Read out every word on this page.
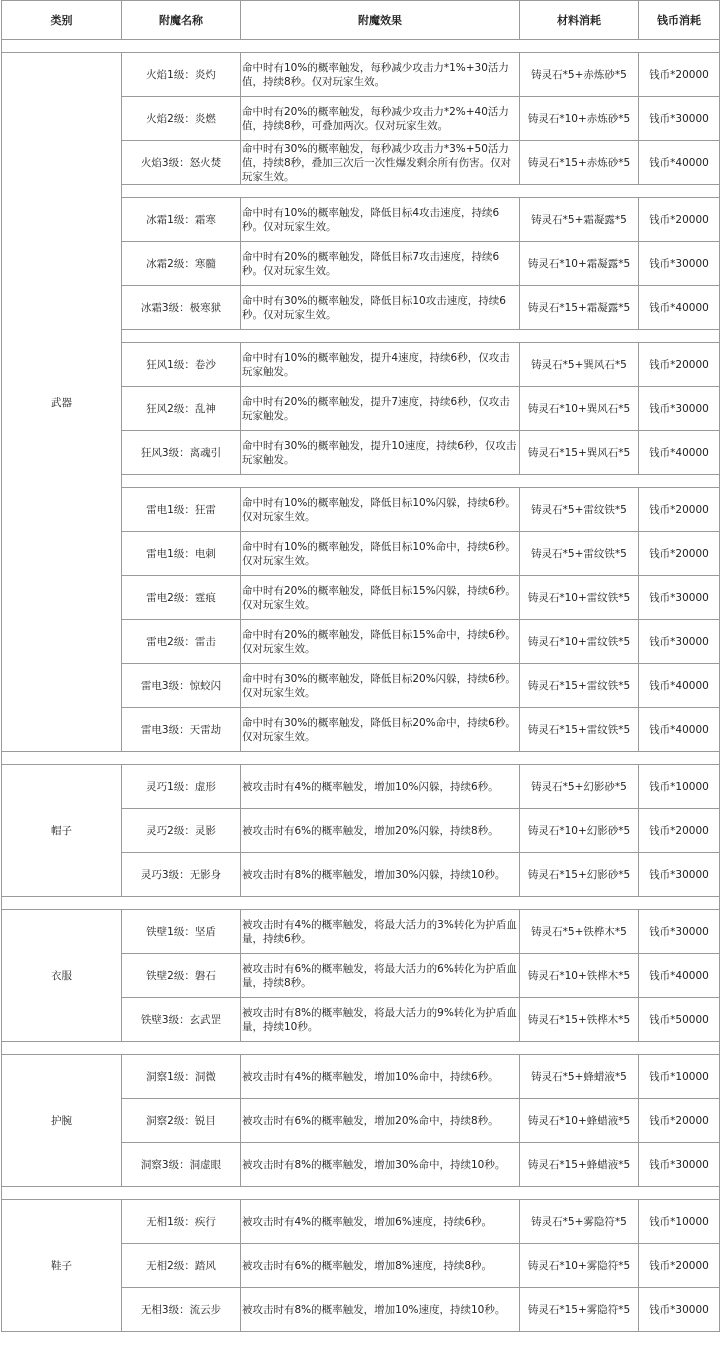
类别	附魔名称	附魔效果	材料消耗	钱币消耗

武器	火焰1级：炎灼	命中时有10%的概率触发，每秒减少攻击力*1%+30活力值，持续8秒。仅对玩家生效。	铸灵石*5+赤炼砂*5	钱币*20000
	火焰2级：炎燃	命中时有20%的概率触发，每秒减少攻击力*2%+40活力值，持续8秒，可叠加两次。仅对玩家生效。	铸灵石*10+赤炼砂*5	钱币*30000
	火焰3级：怒火焚	命中时有30%的概率触发，每秒减少攻击力*3%+50活力值，持续8秒，叠加三次后一次性爆发剩余所有伤害。仅对玩家生效。	铸灵石*15+赤炼砂*5	钱币*40000

	冰霜1级：霜寒	命中时有10%的概率触发，降低目标4攻击速度，持续6秒。仅对玩家生效。	铸灵石*5+霜凝露*5	钱币*20000
	冰霜2级：寒髓	命中时有20%的概率触发，降低目标7攻击速度，持续6秒。仅对玩家生效。	铸灵石*10+霜凝露*5	钱币*30000
	冰霜3级：极寒狱	命中时有30%的概率触发，降低目标10攻击速度，持续6秒。仅对玩家生效。	铸灵石*15+霜凝露*5	钱币*40000

	狂风1级：卷沙	命中时有10%的概率触发，提升4速度，持续6秒，仅攻击玩家触发。	铸灵石*5+巽风石*5	钱币*20000
	狂风2级：乱神	命中时有20%的概率触发，提升7速度，持续6秒，仅攻击玩家触发。	铸灵石*10+巽风石*5	钱币*30000
	狂风3级：离魂引	命中时有30%的概率触发，提升10速度，持续6秒，仅攻击玩家触发。	铸灵石*15+巽风石*5	钱币*40000

	雷电1级：狂雷	命中时有10%的概率触发，降低目标10%闪躲，持续6秒。仅对玩家生效。	铸灵石*5+雷纹铁*5	钱币*20000
	雷电1级：电刺	命中时有10%的概率触发，降低目标10%命中，持续6秒。仅对玩家生效。	铸灵石*5+雷纹铁*5	钱币*20000
	雷电2级：霆痕	命中时有20%的概率触发，降低目标15%闪躲，持续6秒。仅对玩家生效。	铸灵石*10+雷纹铁*5	钱币*30000
	雷电2级：雷击	命中时有20%的概率触发，降低目标15%命中，持续6秒。仅对玩家生效。	铸灵石*10+雷纹铁*5	钱币*30000
	雷电3级：惊蛟闪	命中时有30%的概率触发，降低目标20%闪躲，持续6秒。仅对玩家生效。	铸灵石*15+雷纹铁*5	钱币*40000
	雷电3级：天雷劫	命中时有30%的概率触发，降低目标20%命中，持续6秒。仅对玩家生效。	铸灵石*15+雷纹铁*5	钱币*40000

帽子	灵巧1级：虚形	被攻击时有4%的概率触发，增加10%闪躲，持续6秒。	铸灵石*5+幻影砂*5	钱币*10000
	灵巧2级：灵影	被攻击时有6%的概率触发，增加20%闪躲，持续8秒。	铸灵石*10+幻影砂*5	钱币*20000
	灵巧3级：无影身	被攻击时有8%的概率触发，增加30%闪躲，持续10秒。	铸灵石*15+幻影砂*5	钱币*30000

衣服	铁壁1级：坚盾	被攻击时有4%的概率触发，将最大活力的3%转化为护盾血量，持续6秒。	铸灵石*5+铁桦木*5	钱币*30000
	铁壁2级：磐石	被攻击时有6%的概率触发，将最大活力的6%转化为护盾血量，持续8秒。	铸灵石*10+铁桦木*5	钱币*40000
	铁壁3级：玄武罡	被攻击时有8%的概率触发，将最大活力的9%转化为护盾血量，持续10秒。	铸灵石*15+铁桦木*5	钱币*50000

护腕	洞察1级：洞微	被攻击时有4%的概率触发，增加10%命中，持续6秒。	铸灵石*5+蜂蜡液*5	钱币*10000
	洞察2级：锐目	被攻击时有6%的概率触发，增加20%命中，持续8秒。	铸灵石*10+蜂蜡液*5	钱币*20000
	洞察3级：洞虚眼	被攻击时有8%的概率触发，增加30%命中，持续10秒。	铸灵石*15+蜂蜡液*5	钱币*30000

鞋子	无相1级：疾行	被攻击时有4%的概率触发，增加6%速度，持续6秒。	铸灵石*5+雾隐符*5	钱币*10000
	无相2级：踏风	被攻击时有6%的概率触发，增加8%速度，持续8秒。	铸灵石*10+雾隐符*5	钱币*20000
	无相3级：流云步	被攻击时有8%的概率触发，增加10%速度，持续10秒。	铸灵石*15+雾隐符*5	钱币*30000
